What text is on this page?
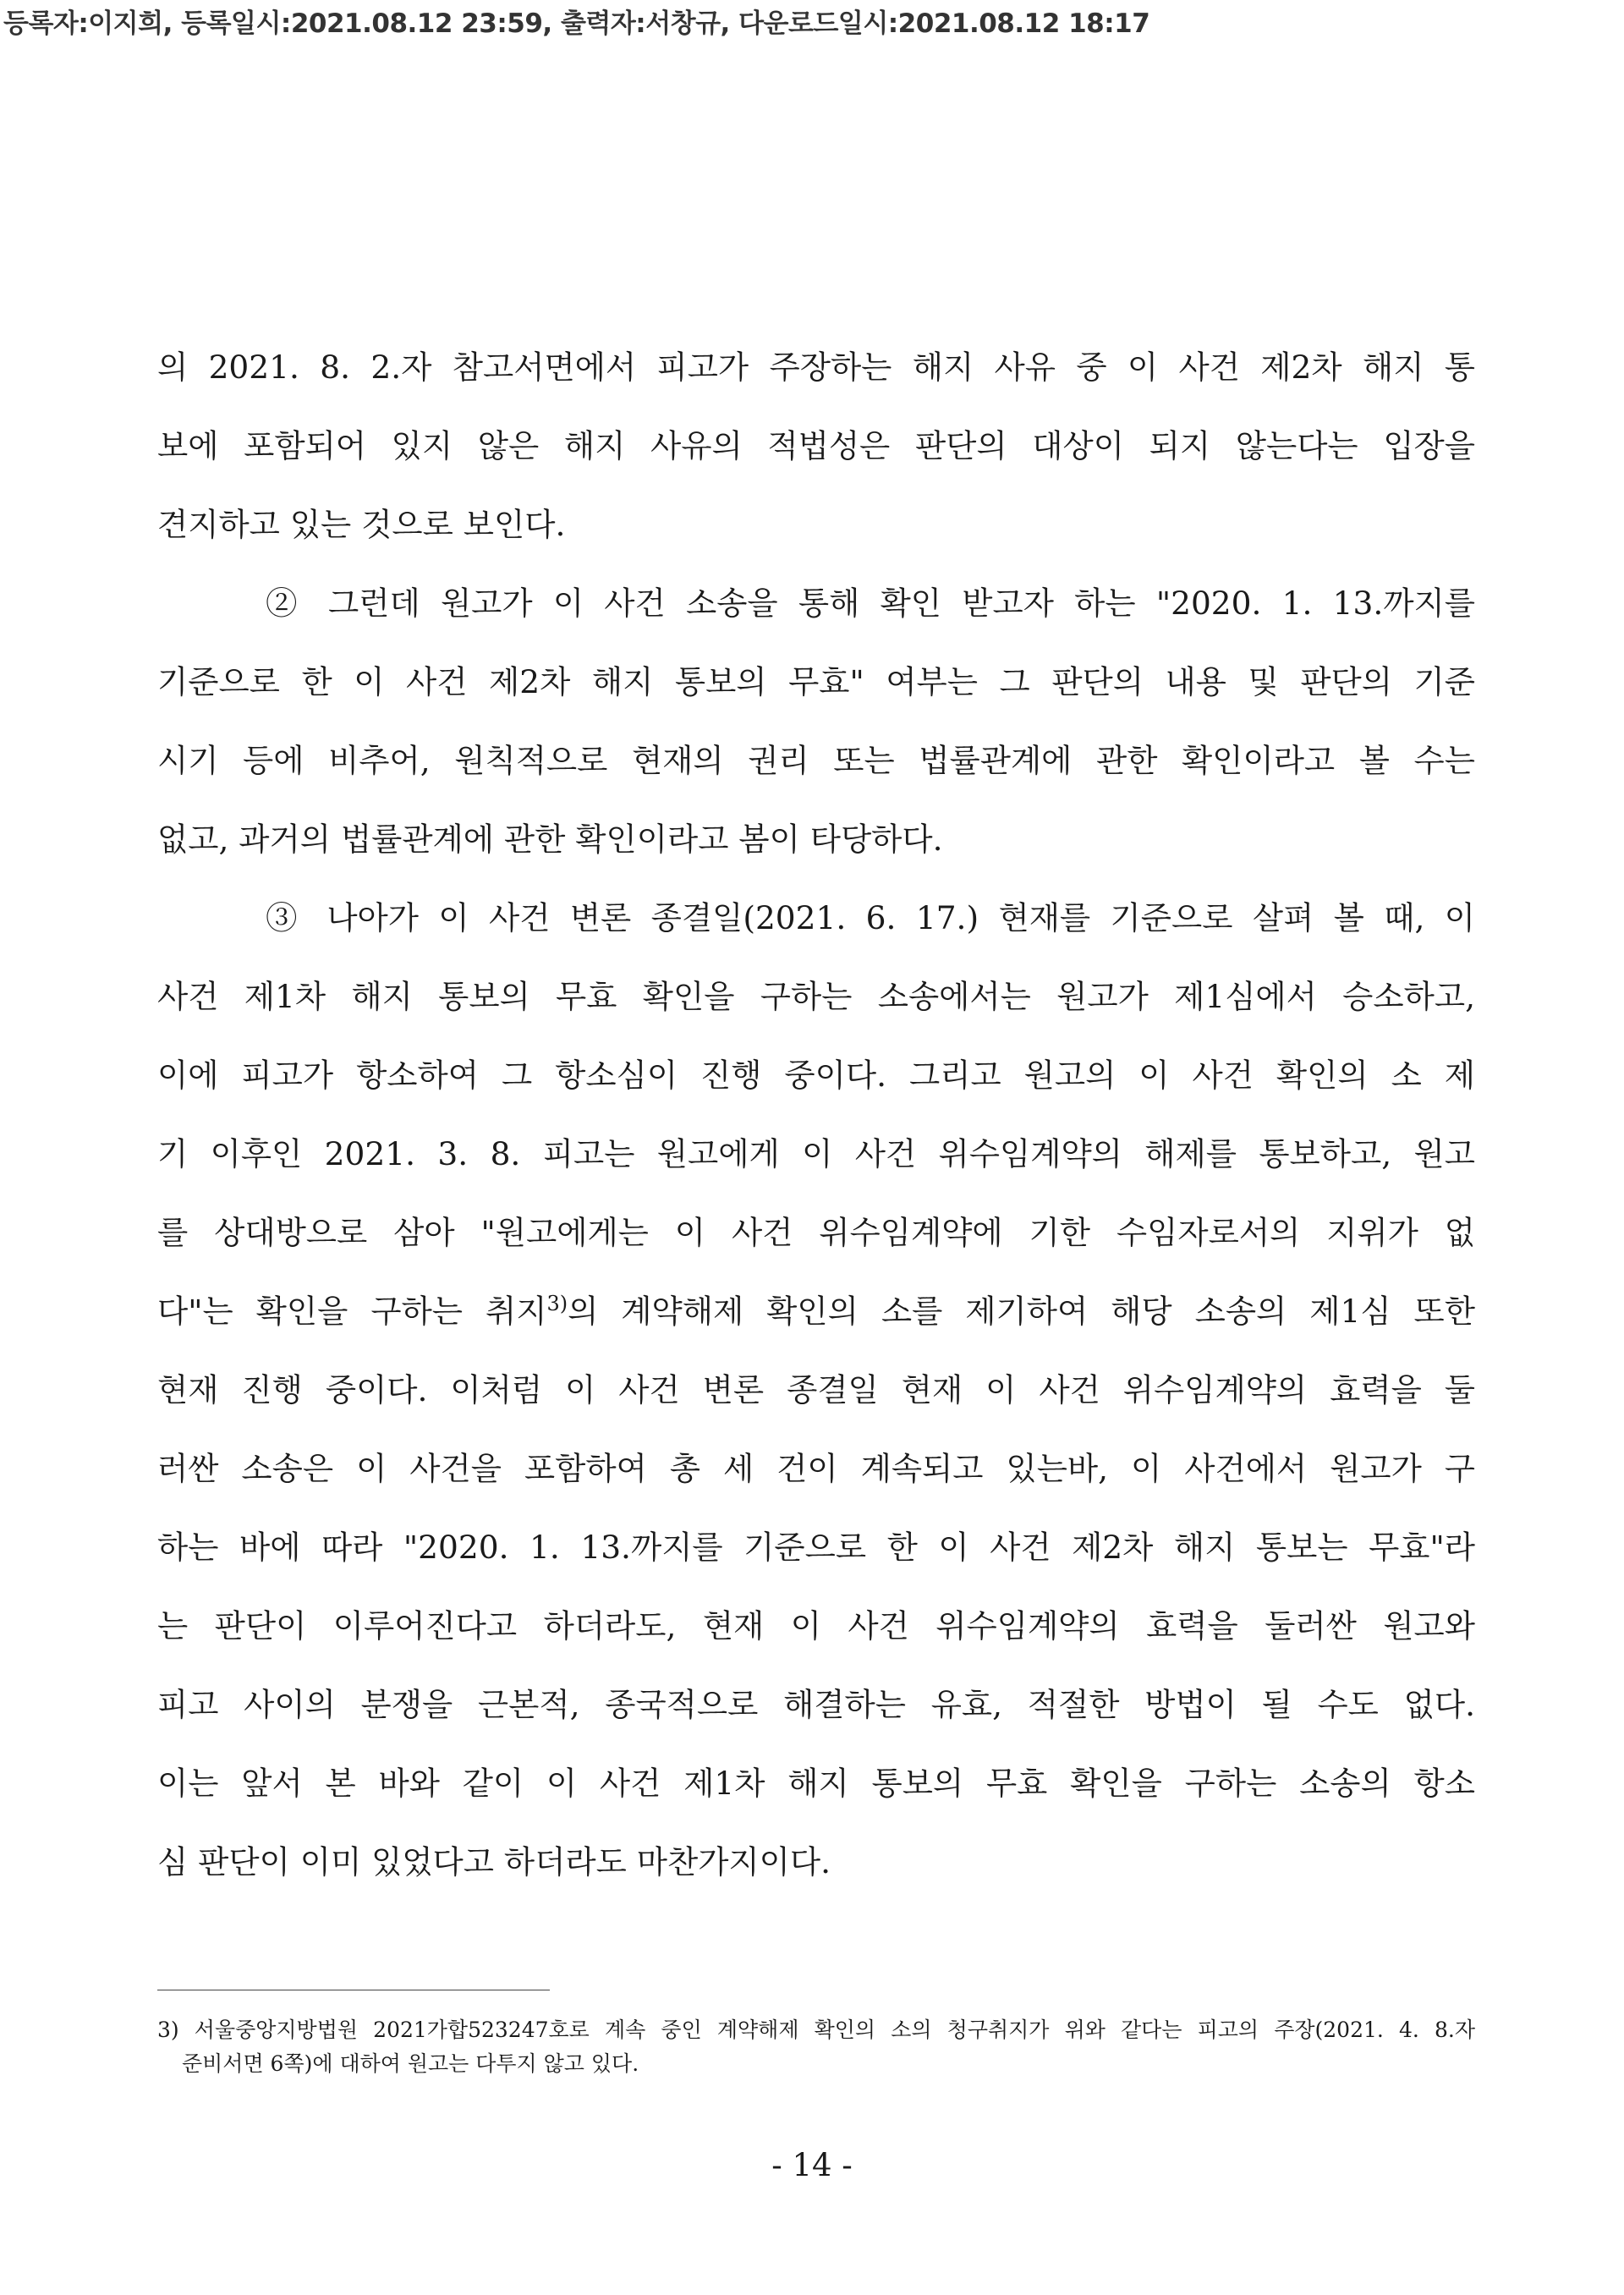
등록자:이지희, 등록일시:2021.08.12 23:59, 출력자:서창규, 다운로드일시:2021.08.12 18:17
의 2021. 8. 2.자 참고서면에서 피고가 주장하는 해지 사유 중 이 사건 제2차 해지 통
보에 포함되어 있지 않은 해지 사유의 적법성은 판단의 대상이 되지 않는다는 입장을
견지하고 있는 것으로 보인다.
② 그런데 원고가 이 사건 소송을 통해 확인 받고자 하는 "2020. 1. 13.까지를
기준으로 한 이 사건 제2차 해지 통보의 무효" 여부는 그 판단의 내용 및 판단의 기준
시기 등에 비추어, 원칙적으로 현재의 권리 또는 법률관계에 관한 확인이라고 볼 수는
없고, 과거의 법률관계에 관한 확인이라고 봄이 타당하다.
③ 나아가 이 사건 변론 종결일(2021. 6. 17.) 현재를 기준으로 살펴 볼 때, 이
사건 제1차 해지 통보의 무효 확인을 구하는 소송에서는 원고가 제1심에서 승소하고,
이에 피고가 항소하여 그 항소심이 진행 중이다. 그리고 원고의 이 사건 확인의 소 제
기 이후인 2021. 3. 8. 피고는 원고에게 이 사건 위수임계약의 해제를 통보하고, 원고
를 상대방으로 삼아 "원고에게는 이 사건 위수임계약에 기한 수임자로서의 지위가 없
다"는 확인을 구하는 취지$^{3)}$의 계약해제 확인의 소를 제기하여 해당 소송의 제1심 또한
현재 진행 중이다. 이처럼 이 사건 변론 종결일 현재 이 사건 위수임계약의 효력을 둘
러싼 소송은 이 사건을 포함하여 총 세 건이 계속되고 있는바, 이 사건에서 원고가 구
하는 바에 따라 "2020. 1. 13.까지를 기준으로 한 이 사건 제2차 해지 통보는 무효"라
는 판단이 이루어진다고 하더라도, 현재 이 사건 위수임계약의 효력을 둘러싼 원고와
피고 사이의 분쟁을 근본적, 종국적으로 해결하는 유효, 적절한 방법이 될 수도 없다.
이는 앞서 본 바와 같이 이 사건 제1차 해지 통보의 무효 확인을 구하는 소송의 항소
심 판단이 이미 있었다고 하더라도 마찬가지이다.
3) 서울중앙지방법원 2021가합523247호로 계속 중인 계약해제 확인의 소의 청구취지가 위와 같다는 피고의 주장(2021. 4. 8.자
준비서면 6쪽)에 대하여 원고는 다투지 않고 있다.
- 14 -
